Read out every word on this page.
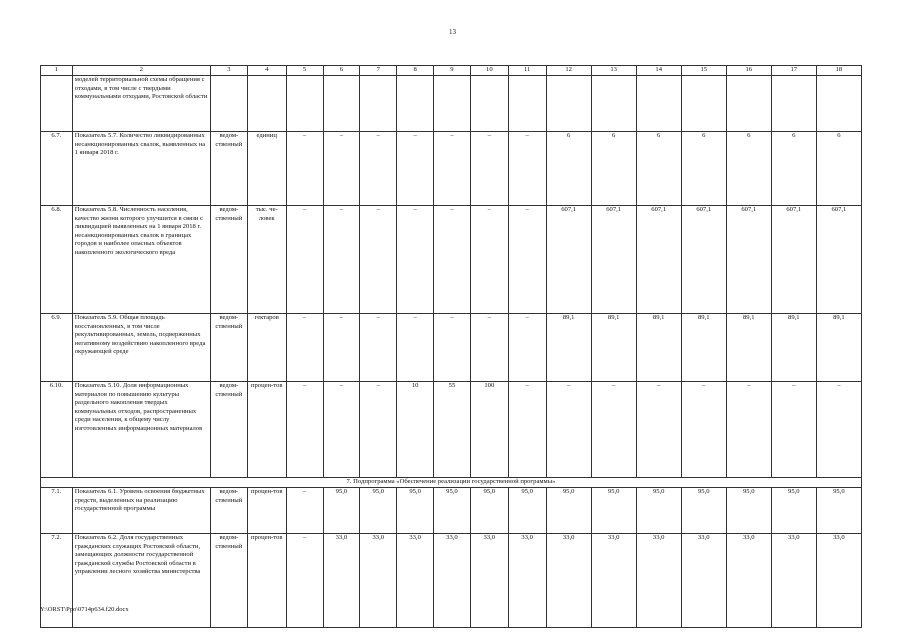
13
1	2	3	4	5	6	7	8	9	10	11	12	13	14	15	16	17	18
	моделей территориальной схемы обращения с отходами, в том числе с твердыми коммунальными отходами, Ростовской области																
6.7.	Показатель 5.7. Количество ликвидированных несанкционированных свалок, выявленных на 1 января 2018 г.	ведом-ственный	единиц	–	–	–	–	–	–	–	6	6	6	6	6	6	6
6.8.	Показатель 5.8. Численность населения, качество жизни которого улучшится в связи с ликвидацией выявленных на 1 января 2018 г. несанкционированных свалок в границах городов и наиболее опасных объектов накопленного экологического вреда	ведом-ственный	тыс. че-ловек	–	–	–	–	–	–	–	607,1	607,1	607,1	607,1	607,1	607,1	607,1
6.9.	Показатель 5.9. Общая площадь восстановленных, в том числе рекультивированных, земель, подверженных негативному воздействию накопленного вреда окружающей среде	ведом-ственный	гектаров	–	–	–	–	–	–	–	89,1	89,1	89,1	89,1	89,1	89,1	89,1
6.10.	Показатель 5.10. Доля информационных материалов по повышению культуры раздельного накопления твердых коммунальных отходов, распространенных среди населения, к общему числу изготовленных информационных материалов	ведом-ственный	процен-тов	–	–	–	10	55	100	–	–	–	–	–	–	–	–
7. Подпрограмма «Обеспечение реализации государственной программы»																	
7.1.	Показатель 6.1. Уровень освоения бюджетных средств, выделенных на реализацию государственной программы	ведом-ственный	процен-тов	–	95,0	95,0	95,0	95,0	95,0	95,0	95,0	95,0	95,0	95,0	95,0	95,0	95,0
7.2.	Показатель 6.2. Доля государственных гражданских служащих Ростовской области, замещающих должности государственной гражданской службы Ростовской области в управлении лесного хозяйства министерства	ведом-ственный	процен-тов	–	33,0	33,0	33,0	33,0	33,0	33,0	33,0	33,0	33,0	33,0	33,0	33,0	33,0
Y:\ORST\Ppo\0714p634.f20.docx
